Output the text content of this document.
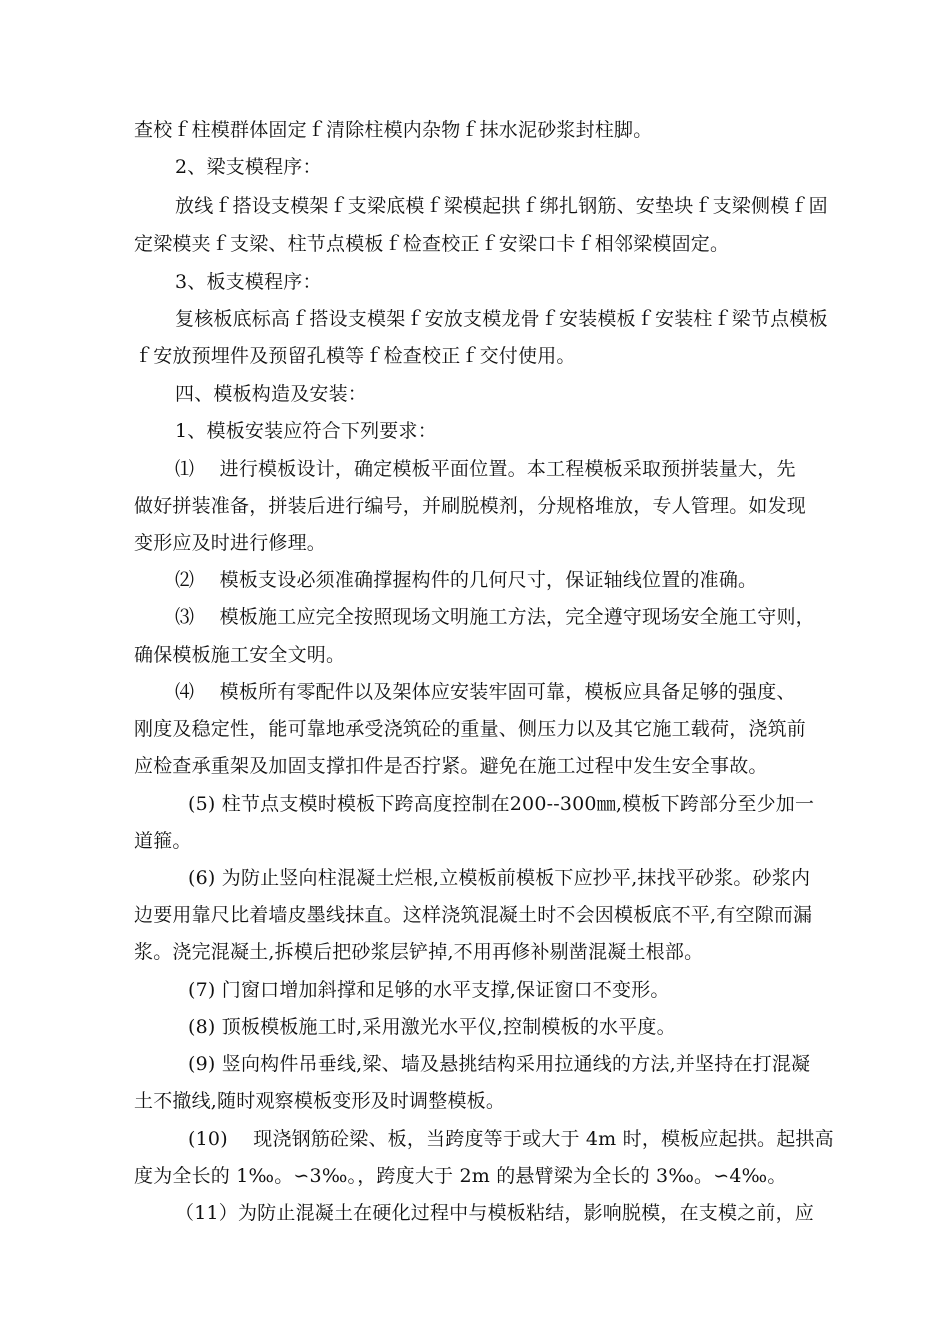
查校ｆ柱模群体固定ｆ清除柱模内杂物ｆ抹水泥砂浆封柱脚。
2、梁支模程序：
放线ｆ搭设支模架ｆ支梁底模ｆ梁模起拱ｆ绑扎钢筋、安垫块ｆ支梁侧模ｆ固
定梁模夹ｆ支梁、柱节点模板ｆ检查校正ｆ安梁口卡ｆ相邻梁模固定。
3、板支模程序：
复核板底标高ｆ搭设支模架ｆ安放支模龙骨ｆ安装模板ｆ安装柱ｆ梁节点模板
ｆ安放预埋件及预留孔模等ｆ检查校正ｆ交付使用。
四、模板构造及安装：
1、模板安装应符合下列要求：
⑴　 进行模板设计，确定模板平面位置。本工程模板采取预拼装量大，先
做好拼装准备，拼装后进行编号，并刷脱模剂，分规格堆放，专人管理。如发现
变形应及时进行修理。
⑵　 模板支设必须准确撑握构件的几何尺寸，保证轴线位置的准确。
⑶　 模板施工应完全按照现场文明施工方法，完全遵守现场安全施工守则，
确保模板施工安全文明。
⑷　 模板所有零配件以及架体应安装牢固可靠，模板应具备足够的强度、
刚度及稳定性，能可靠地承受浇筑砼的重量、侧压力以及其它施工载荷，浇筑前
应检查承重架及加固支撑扣件是否拧紧。避免在施工过程中发生安全事故。
(5) 柱节点支模时模板下跨高度控制在200--300㎜,模板下跨部分至少加一
道箍。
(6) 为防止竖向柱混凝土烂根,立模板前模板下应抄平,抹找平砂浆。砂浆内
边要用靠尺比着墙皮墨线抹直。这样浇筑混凝土时不会因模板底不平,有空隙而漏
浆。浇完混凝土,拆模后把砂浆层铲掉,不用再修补剔凿混凝土根部。
(7) 门窗口增加斜撑和足够的水平支撑,保证窗口不变形。
(8) 顶板模板施工时,采用激光水平仪,控制模板的水平度。
(9) 竖向构件吊垂线,梁、墙及悬挑结构采用拉通线的方法,并坚持在打混凝
土不撤线,随时观察模板变形及时调整模板。
(10)　 现浇钢筋砼梁、板，当跨度等于或大于 4m 时，模板应起拱。起拱高
度为全长的 1‰。∽3‰。，跨度大于 2m 的悬臂梁为全长的 3‰。∽4‰。
（11）为防止混凝土在硬化过程中与模板粘结，影响脱模，在支模之前，应
